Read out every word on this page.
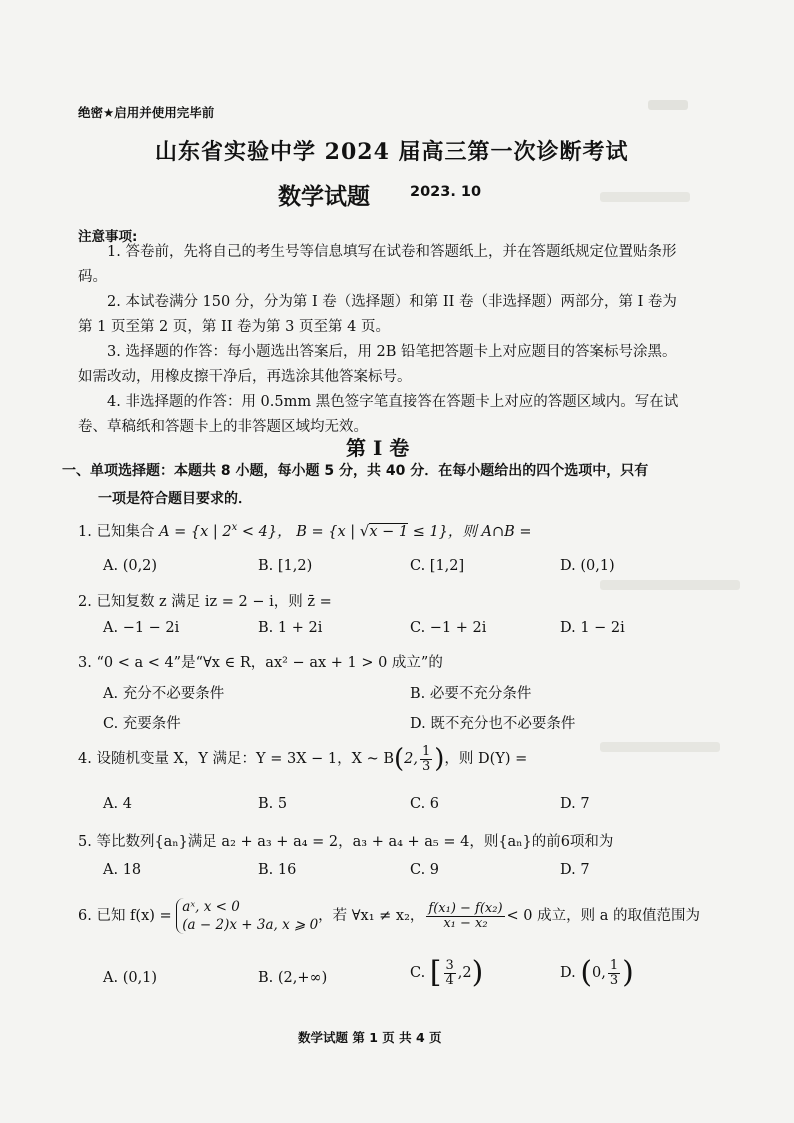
绝密★启用并使用完毕前
山东省实验中学 2024 届高三第一次诊断考试
数学试题	2023. 10
注意事项:
1. 答卷前，先将自己的考生号等信息填写在试卷和答题纸上，并在答题纸规定位置贴条形码。
2. 本试卷满分 150 分，分为第 I 卷（选择题）和第 II 卷（非选择题）两部分，第 I 卷为第 1 页至第 2 页，第 II 卷为第 3 页至第 4 页。
3. 选择题的作答：每小题选出答案后，用 2B 铅笔把答题卡上对应题目的答案标号涂黑。如需改动，用橡皮擦干净后，再选涂其他答案标号。
4. 非选择题的作答：用 0.5mm 黑色签字笔直接答在答题卡上对应的答题区域内。写在试卷、草稿纸和答题卡上的非答题区域均无效。
第 I 卷
一、单项选择题：本题共 8 小题，每小题 5 分，共 40 分．在每小题给出的四个选项中，只有
一项是符合题目要求的．
1. 已知集合 A = {x | $2^x < 4$}， B = {x | √x − 1 ≤ 1}，则 A∩B =
A. (0,2)	B. [1,2)	C. [1,2]	D. (0,1)
2. 已知复数 z 满足 iz = 2 − i，则 z̄ =
A. −1 − 2i	B. 1 + 2i	C. −1 + 2i	D. 1 − 2i
3. “0 < a < 4”是“∀x ∈ R，ax² − ax + 1 > 0 成立”的
A. 充分不必要条件	B. 必要不充分条件
C. 充要条件	D. 既不充分也不必要条件
4. 设随机变量 X，Y 满足：Y = 3X − 1，X ~ B(2, $\frac{1}{3}$ )，则 D(Y) =
A. 4	B. 5	C. 6	D. 7
5. 等比数列{aₙ}满足 a₂ + a₃ + a₄ = 2，a₃ + a₄ + a₅ = 4，则{aₙ}的前6项和为
A. 18	B. 16	C. 9	D. 7
6. 已知 f(x) =
aˣ, x < 0
(a − 2)x + 3a, x ⩾ 0
，若 ∀x₁ ≠ x₂， $\frac{\text{f(x₁) − f(x₂)}}{\text{x₁ − x₂}} < 0$ 成立，则 a 的取值范围为
A. (0,1)	B. (2,+∞)	C. [ $\frac{3}{4} ,2$)	D. (0, $\frac{1}{3}$ )
数学试题 第 1 页 共 4 页
